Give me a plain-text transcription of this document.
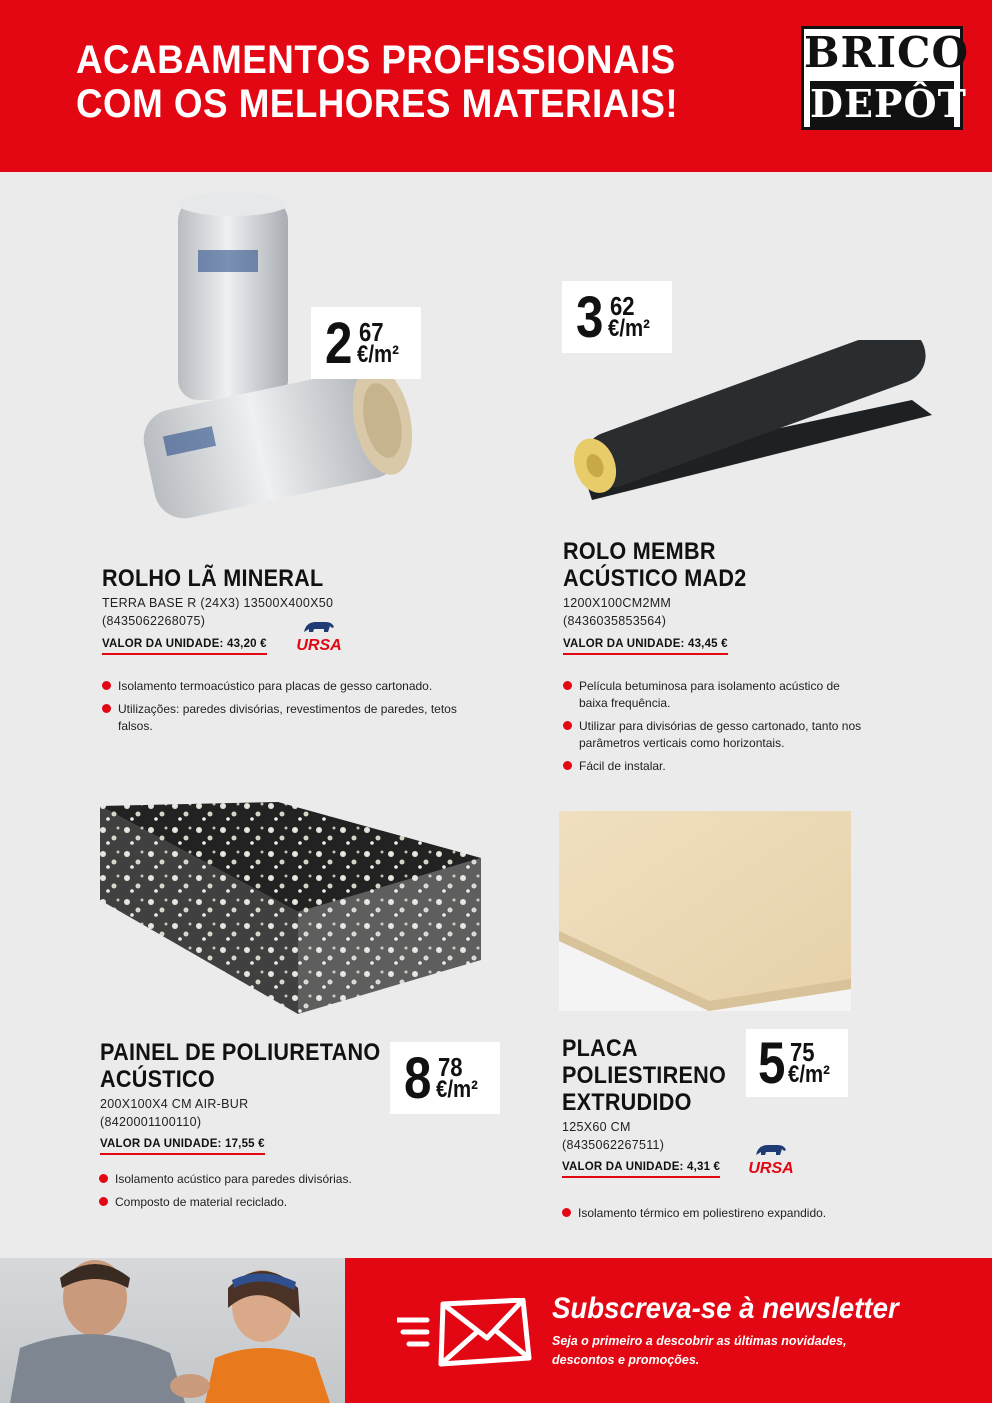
ACABAMENTOS PROFISSIONAIS
COM OS MELHORES MATERIAIS!
BRICO
DEPÔT
2 67
€/m²
ROLHO LÃ MINERAL
TERRA BASE R (24X3) 13500X400X50
(8435062268075)
VALOR DA UNIDADE: 43,20 €	URSA
Isolamento termoacústico para placas de gesso cartonado.
Utilizações: paredes divisórias, revestimentos de paredes, tetos falsos.
3 62
€/m²
ROLO MEMBR
ACÚSTICO MAD2
1200X100CM2MM
(8436035853564)
VALOR DA UNIDADE: 43,45 €
Película betuminosa para isolamento acústico de baixa frequência.
Utilizar para divisórias de gesso cartonado, tanto nos parâmetros verticais como horizontais.
Fácil de instalar.
8 78
€/m²
PAINEL DE POLIURETANO
ACÚSTICO
200X100X4 CM AIR-BUR
(8420001100110)
VALOR DA UNIDADE: 17,55 €
Isolamento acústico para paredes divisórias.
Composto de material reciclado.
5 75
€/m²
PLACA
POLIESTIRENO
EXTRUDIDO
125X60 CM
(8435062267511)
VALOR DA UNIDADE: 4,31 €	URSA
Isolamento térmico em poliestireno expandido.
Subscreva-se à newsletter
Seja o primeiro a descobrir as últimas novidades, descontos e promoções.
